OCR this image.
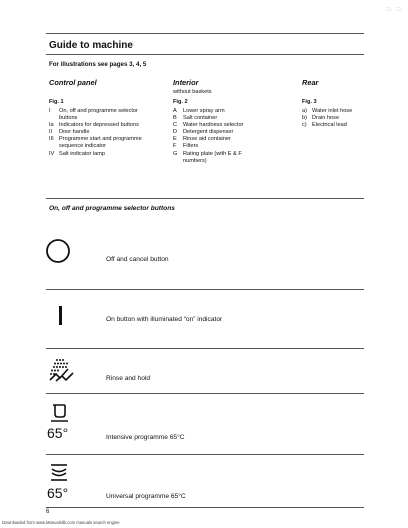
≈ ≈
Guide to machine
For illustrations see pages 3, 4, 5
Control panel
Fig. 1
I	On, off and programme selector buttons
Ia Indicators for depressed buttons
II	Door handle
III Programme start and programme sequence indicator
IV Salt indicator lamp
Interior
without baskets
Fig. 2
A	Lower spray arm
B	Salt container
C	Water hardness selector
D	Detergent dispenser
E	Rinse aid container
F	Filters
G	Rating plate (with E & F numbers)
Rear
Fig. 3
a) Water inlet hose
b) Drain hose
c) Electrical lead
On, off and programme selector buttons
Off and cancel button
On button with illuminated “on” indicator
Rinse and hold
65°	Intensive programme 65°C
65°	Universal programme 65°C
6
Downloaded from www.Manualslib.com manuals search engine
